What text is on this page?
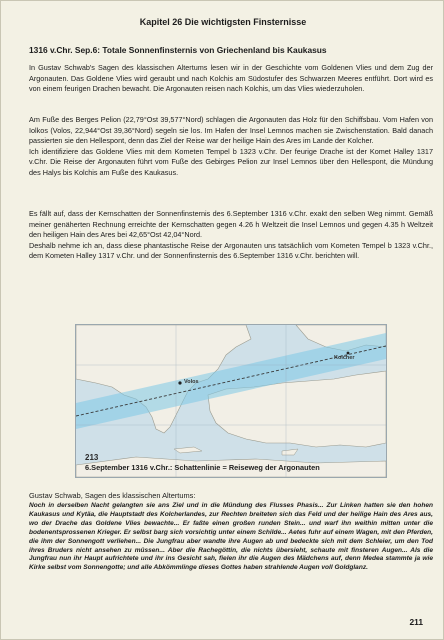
Kapitel 26 Die wichtigsten Finsternisse
1316 v.Chr. Sep.6: Totale Sonnenfinsternis von Griechenland bis Kaukasus

In Gustav Schwab's Sagen des klassischen Altertums lesen wir in der Geschichte vom Goldenen Vlies und dem Zug der Argonauten. Das Goldene Vlies wird geraubt und nach Kolchis am Südostufer des Schwarzen Meeres entführt. Dort wird es von einem feurigen Drachen bewacht. Die Argonauten reisen nach Kolchis, um das Vlies wiederzuholen.

Am Fuße des Berges Pelion (22,79°Ost 39,577°Nord) schlagen die Argonauten das Holz für den Schiffsbau. Vom Hafen von Iolkos (Volos, 22,944°Ost 39,36°Nord) segeln sie los. Im Hafen der Insel Lemnos machen sie Zwischenstation. Bald danach passierten sie den Hellespont, denn das Ziel der Reise war der heilige Hain des Ares im Lande der Kolcher.

Ich identifiziere das Goldene Vlies mit dem Kometen Tempel b 1323 v.Chr. Der feurige Drache ist der Komet Halley 1317 v.Chr. Die Reise der Argonauten führt vom Fuße des Gebirges Pelion zur Insel Lemnos über den Hellespont, die Mündung des Halys bis Kolchis am Fuße des Kaukasus.

Es fällt auf, dass der Kernschatten der Sonnenfinsternis des 6.September 1316 v.Chr. exakt den selben Weg nimmt. Gemäß meiner genäherten Rechnung erreichte der Kernschatten gegen 4.26 h Weltzeit die Insel Lemnos und gegen 4.35 h Weltzeit den heiligen Hain des Ares bei 42,65°Ost 42,04°Nord.

Deshalb nehme ich an, dass diese phantastische Reise der Argonauten uns tatsächlich vom Kometen Tempel b 1323 v.Chr., dem Kometen Halley 1317 v.Chr. und der Sonnenfinsternis des 6.September 1316 v.Chr. berichten will.

Volos
Kolcher
213
6.September 1316 v.Chr.: Schattenlinie = Reiseweg der Argonauten
Gustav Schwab, Sagen des klassischen Altertums:
Noch in derselben Nacht gelangten sie ans Ziel und in die Mündung des Flusses Phasis... Zur Linken hatten sie den hohen Kaukasus und Kytäa, die Hauptstadt des Kolcherlandes, zur Rechten breiteten sich das Feld und der heilige Hain des Ares aus, wo der Drache das Goldene Vlies bewachte... Er faßte einen großen runden Stein... und warf ihn weithin mitten unter die bodenentsprossenen Krieger. Er selbst barg sich vorsichtig unter einem Schilde... Aetes fuhr auf einem Wagen, mit den Pferden, die ihm der Sonnengott verliehen... Die Jungfrau aber wandte ihre Augen ab und bedeckte sich mit dem Schleier, um den Tod ihres Bruders nicht ansehen zu müssen... Aber die Rachegöttin, die nichts übersieht, schaute mit finsteren Augen... Als die Jungfrau nun ihr Haupt aufrichtete und ihr ins Gesicht sah, fielen ihr die Augen des Mädchens auf, denn Medea stammte ja wie Kirke selbst vom Sonnengotte; und alle Abkömmlinge dieses Gottes haben strahlende Augen voll Goldglanz.
211
